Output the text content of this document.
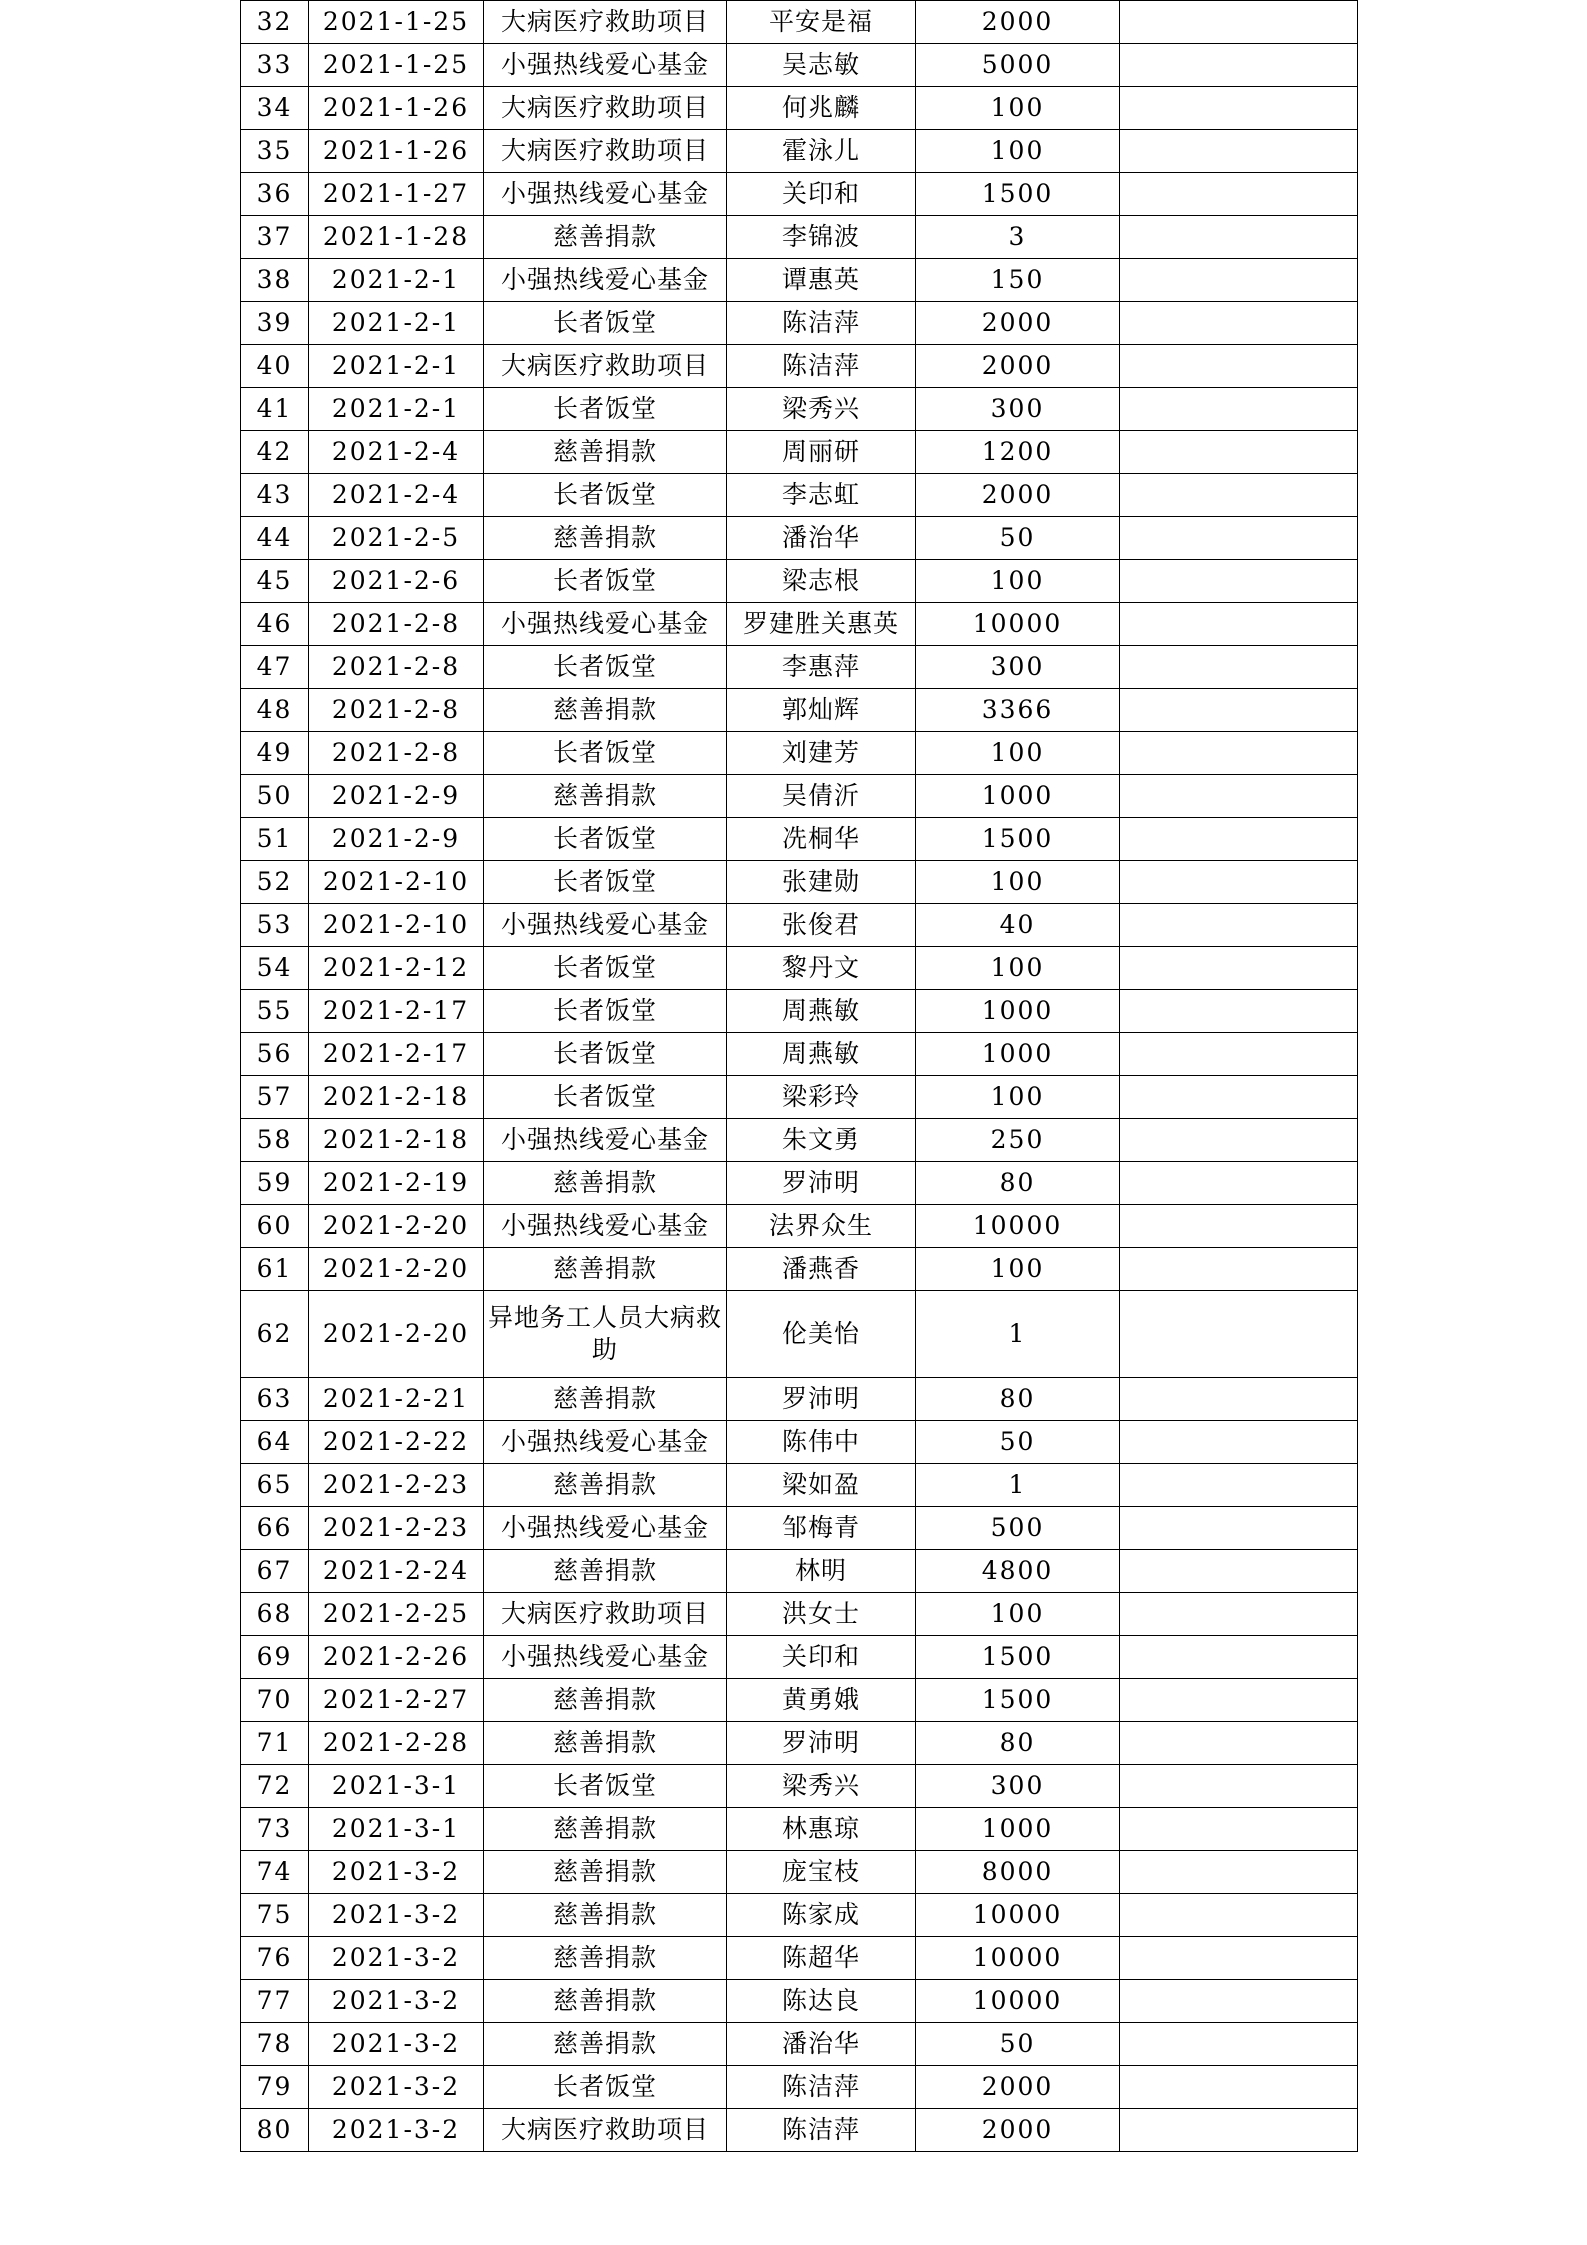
32	2021-1-25	大病医疗救助项目	平安是福	2000	
33	2021-1-25	小强热线爱心基金	吴志敏	5000	
34	2021-1-26	大病医疗救助项目	何兆麟	100	
35	2021-1-26	大病医疗救助项目	霍泳儿	100	
36	2021-1-27	小强热线爱心基金	关印和	1500	
37	2021-1-28	慈善捐款	李锦波	3	
38	2021-2-1	小强热线爱心基金	谭惠英	150	
39	2021-2-1	长者饭堂	陈洁萍	2000	
40	2021-2-1	大病医疗救助项目	陈洁萍	2000	
41	2021-2-1	长者饭堂	梁秀兴	300	
42	2021-2-4	慈善捐款	周丽研	1200	
43	2021-2-4	长者饭堂	李志虹	2000	
44	2021-2-5	慈善捐款	潘治华	50	
45	2021-2-6	长者饭堂	梁志根	100	
46	2021-2-8	小强热线爱心基金	罗建胜关惠英	10000	
47	2021-2-8	长者饭堂	李惠萍	300	
48	2021-2-8	慈善捐款	郭灿辉	3366	
49	2021-2-8	长者饭堂	刘建芳	100	
50	2021-2-9	慈善捐款	吴倩沂	1000	
51	2021-2-9	长者饭堂	冼桐华	1500	
52	2021-2-10	长者饭堂	张建勋	100	
53	2021-2-10	小强热线爱心基金	张俊君	40	
54	2021-2-12	长者饭堂	黎丹文	100	
55	2021-2-17	长者饭堂	周燕敏	1000	
56	2021-2-17	长者饭堂	周燕敏	1000	
57	2021-2-18	长者饭堂	梁彩玲	100	
58	2021-2-18	小强热线爱心基金	朱文勇	250	
59	2021-2-19	慈善捐款	罗沛明	80	
60	2021-2-20	小强热线爱心基金	法界众生	10000	
61	2021-2-20	慈善捐款	潘燕香	100	
62	2021-2-20	异地务工人员大病救助	伦美怡	1	
63	2021-2-21	慈善捐款	罗沛明	80	
64	2021-2-22	小强热线爱心基金	陈伟中	50	
65	2021-2-23	慈善捐款	梁如盈	1	
66	2021-2-23	小强热线爱心基金	邹梅青	500	
67	2021-2-24	慈善捐款	林明	4800	
68	2021-2-25	大病医疗救助项目	洪女士	100	
69	2021-2-26	小强热线爱心基金	关印和	1500	
70	2021-2-27	慈善捐款	黄勇娥	1500	
71	2021-2-28	慈善捐款	罗沛明	80	
72	2021-3-1	长者饭堂	梁秀兴	300	
73	2021-3-1	慈善捐款	林惠琼	1000	
74	2021-3-2	慈善捐款	庞宝枝	8000	
75	2021-3-2	慈善捐款	陈家成	10000	
76	2021-3-2	慈善捐款	陈超华	10000	
77	2021-3-2	慈善捐款	陈达良	10000	
78	2021-3-2	慈善捐款	潘治华	50	
79	2021-3-2	长者饭堂	陈洁萍	2000	
80	2021-3-2	大病医疗救助项目	陈洁萍	2000	
